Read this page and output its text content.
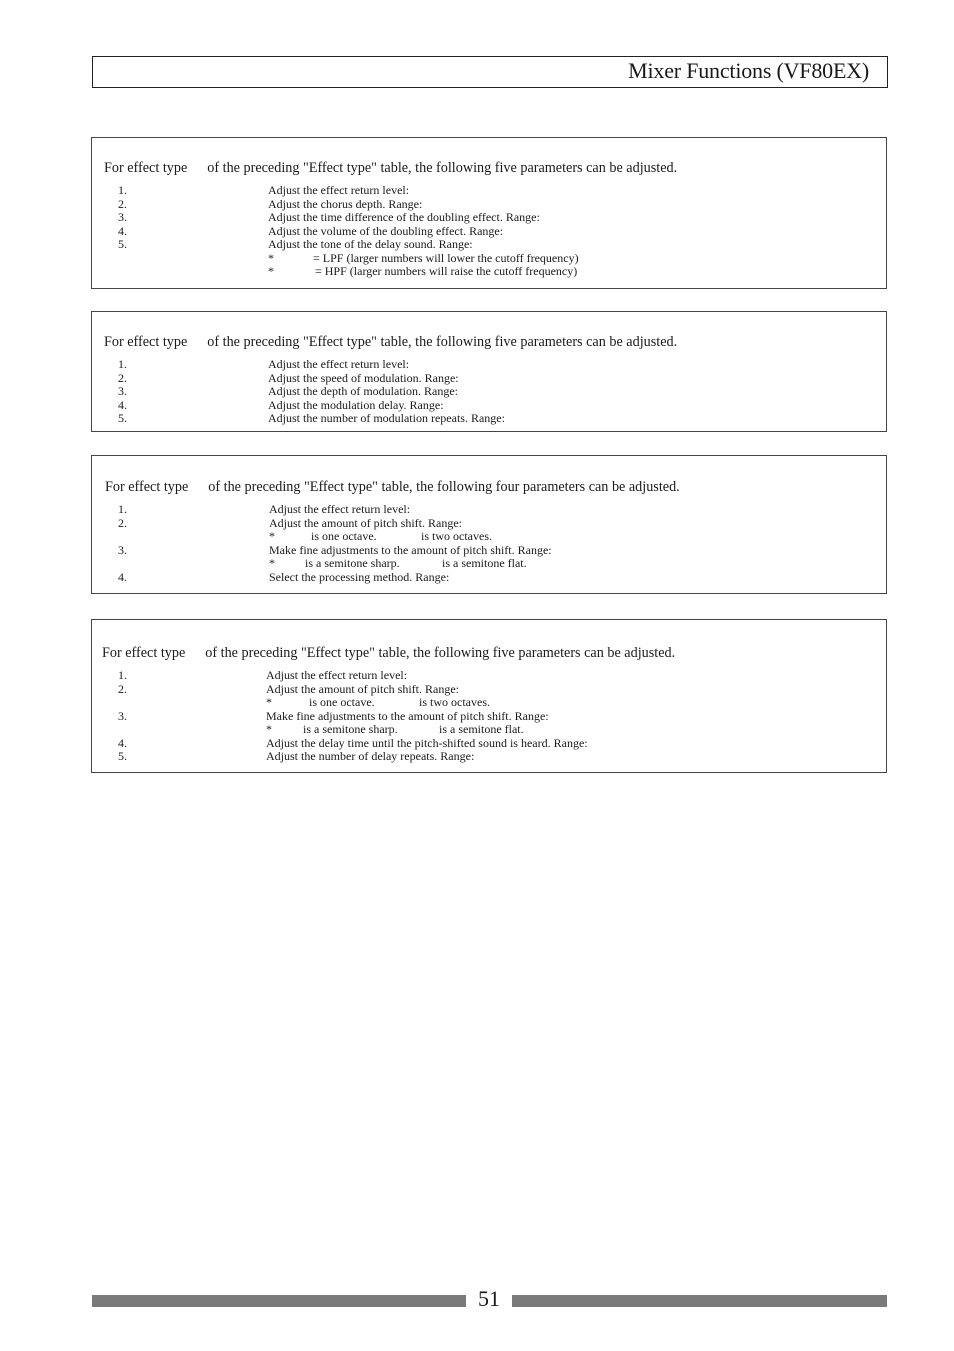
Mixer Functions (VF80EX)
For effect type of the preceding "Effect type" table, the following five parameters can be adjusted.
1.	Adjust the effect return level:
2.	Adjust the chorus depth. Range:
3.	Adjust the time difference of the doubling effect. Range:
4.	Adjust the volume of the doubling effect. Range:
5.	Adjust the tone of the delay sound. Range:
*	= LPF (larger numbers will lower the cutoff frequency)
*	= HPF (larger numbers will raise the cutoff frequency)
For effect type of the preceding "Effect type" table, the following five parameters can be adjusted.
1.	Adjust the effect return level:
2.	Adjust the speed of modulation. Range:
3.	Adjust the depth of modulation. Range:
4.	Adjust the modulation delay. Range:
5.	Adjust the number of modulation repeats. Range:
For effect type of the preceding "Effect type" table, the following four parameters can be adjusted.
1.	Adjust the effect return level:
2.	Adjust the amount of pitch shift. Range:
*	is one octave.	is two octaves.
3.	Make fine adjustments to the amount of pitch shift. Range:
*	is a semitone sharp.	is a semitone flat.
4.	Select the processing method. Range:
For effect type of the preceding "Effect type" table, the following five parameters can be adjusted.
1.	Adjust the effect return level:
2.	Adjust the amount of pitch shift. Range:
*	is one octave.	is two octaves.
3.	Make fine adjustments to the amount of pitch shift. Range:
*	is a semitone sharp.	is a semitone flat.
4.	Adjust the delay time until the pitch-shifted sound is heard. Range:
5.	Adjust the number of delay repeats. Range:
51
